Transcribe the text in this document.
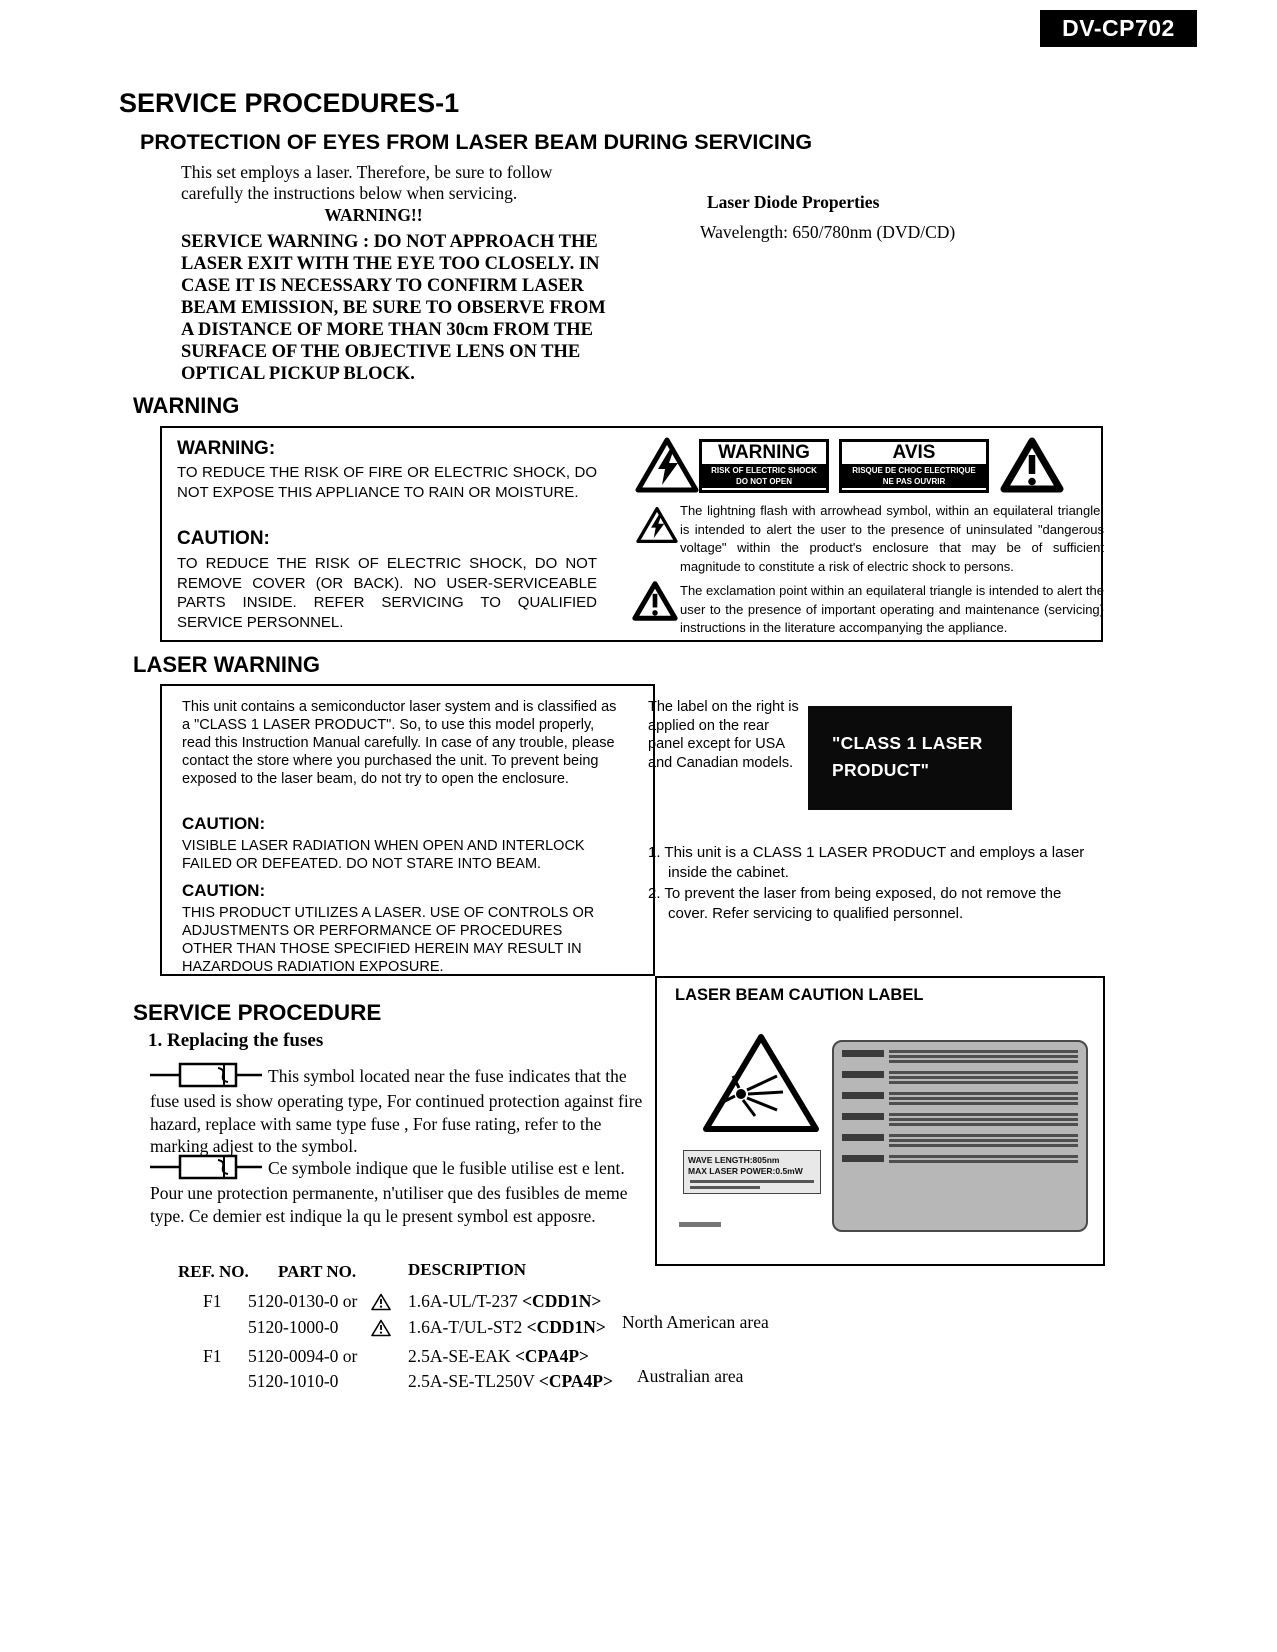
DV-CP702
SERVICE PROCEDURES-1
PROTECTION OF EYES FROM LASER BEAM DURING SERVICING
This set employs a laser. Therefore, be sure to follow carefully the instructions below when servicing.
WARNING!!
SERVICE WARNING : DO NOT APPROACH THE LASER EXIT WITH THE EYE TOO CLOSELY. IN CASE IT IS NECESSARY TO CONFIRM LASER BEAM EMISSION, BE SURE TO OBSERVE FROM A DISTANCE OF MORE THAN 30cm FROM THE SURFACE OF THE OBJECTIVE LENS ON THE OPTICAL PICKUP BLOCK.
Laser Diode Properties
Wavelength: 650/780nm (DVD/CD)
WARNING
WARNING:
TO REDUCE THE RISK OF FIRE OR ELECTRIC SHOCK, DO NOT EXPOSE THIS APPLIANCE TO RAIN OR MOISTURE.
CAUTION:
TO REDUCE THE RISK OF ELECTRIC SHOCK, DO NOT REMOVE COVER (OR BACK). NO USER-SERVICEABLE PARTS INSIDE. REFER SERVICING TO QUALIFIED SERVICE PERSONNEL.
WARNING
RISK OF ELECTRIC SHOCK
DO NOT OPEN
AVIS
RISQUE DE CHOC ELECTRIQUE
NE PAS OUVRIR
The lightning flash with arrowhead symbol, within an equilateral triangle, is intended to alert the user to the presence of uninsulated "dangerous voltage" within the product's enclosure that may be of sufficient magnitude to constitute a risk of electric shock to persons.
The exclamation point within an equilateral triangle is intended to alert the user to the presence of important operating and maintenance (servicing) instructions in the literature accompanying the appliance.
LASER WARNING
This unit contains a semiconductor laser system and is classified as a "CLASS 1 LASER PRODUCT". So, to use this model properly, read this Instruction Manual carefully. In case of any trouble, please contact the store where you purchased the unit. To prevent being exposed to the laser beam, do not try to open the enclosure.
CAUTION:
VISIBLE LASER RADIATION WHEN OPEN AND INTERLOCK FAILED OR DEFEATED. DO NOT STARE INTO BEAM.
CAUTION:
THIS PRODUCT UTILIZES A LASER. USE OF CONTROLS OR ADJUSTMENTS OR PERFORMANCE OF PROCEDURES OTHER THAN THOSE SPECIFIED HEREIN MAY RESULT IN HAZARDOUS RADIATION EXPOSURE.
The label on the right is applied on the rear panel except for USA and Canadian models.
"CLASS 1 LASER
PRODUCT"
1. This unit is a CLASS 1 LASER PRODUCT and employs a laser inside the cabinet.
2. To prevent the laser from being exposed, do not remove the cover. Refer servicing to qualified personnel.
LASER BEAM CAUTION LABEL
WAVE LENGTH:805nm
MAX LASER POWER:0.5mW
SERVICE PROCEDURE
1. Replacing the fuses
This symbol located near the fuse indicates that the fuse used is show operating type, For continued protection against fire hazard, replace with same type fuse , For fuse rating, refer to the marking adjest to the symbol.
Ce symbole indique que le fusible utilise est e lent. Pour une protection permanente, n'utiliser que des fusibles de meme type. Ce demier est indique la qu le present symbol est apposre.
REF. NO. PART NO.	DESCRIPTION
F1 5120-0130-0 or	1.6A-UL/T-237 <CDD1N>
5120-1000-0	1.6A-T/UL-ST2 <CDD1N> North American area
F1 5120-0094-0 or	2.5A-SE-EAK <CPA4P>
5120-1010-0	2.5A-SE-TL250V <CPA4P> Australian area
